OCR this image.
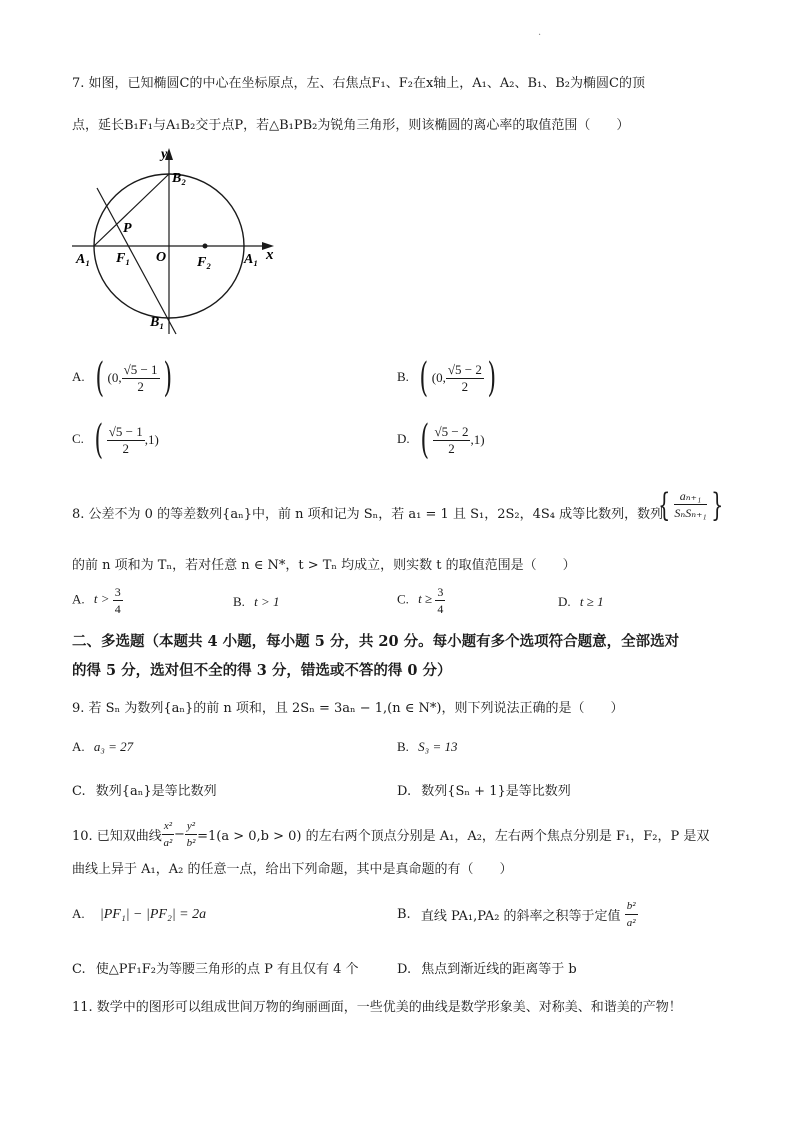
·
7. 如图，已知椭圆C的中心在坐标原点，左、右焦点F₁、F₂在x轴上，A₁、A₂、B₁、B₂为椭圆C的顶
点，延长B₁F₁与A₁B₂交于点P，若△B₁PB₂为锐角三角形，则该椭圆的离心率的取值范围（　　）
y
B₂
P
A₁ F₁ O F₂ A₁ x
B₁
A. ( (0, $\frac{√5 - 1}{2}$ )	B. ( (0, $\frac{√5 - 2}{2}$ )
C. ( $\frac{√5 - 1}{2} ,1$)	D. ( $\frac{√5 - 2}{2} ,1$)
8. 公差不为 0 的等差数列{aₙ}中，前 n 项和记为 Sₙ，若 a₁ = 1 且 S₁，2S₂，4S₄ 成等比数列，数列
{ $\frac{\text{aₙ₊₁}}{\text{SₙSₙ₊₁}}$ }
的前 n 项和为 Tₙ，若对任意 n ∈ N*，t > Tₙ 均成立，则实数 t 的取值范围是（　　）
A. $t > \frac{3}{4}$	B. t > 1	C. $t \ge \frac{3}{4}$	D. t ≥ 1
二、多选题（本题共 4 小题，每小题 5 分，共 20 分。每小题有多个选项符合题意，全部选对
的得 5 分，选对但不全的得 3 分，错选或不答的得 0 分）
9. 若 Sₙ 为数列{aₙ}的前 n 项和，且 2Sₙ = 3aₙ − 1,(n ∈ N*)，则下列说法正确的是（　　）
A. a₃ = 27	B. S₃ = 13
C. 数列{aₙ}是等比数列	D. 数列{Sₙ + 1}是等比数列
10. 已知双曲线 $\frac{\text{x²}}{\text{a²}} - \frac{\text{y²}}{\text{b²}} =1(a > 0,b > 0)$ 的左右两个顶点分别是 A₁，A₂，左右两个焦点分别是 F₁，F₂，P 是双
曲线上异于 A₁，A₂ 的任意一点，给出下列命题，其中是真命题的有（　　）
A. |PF₁| − |PF₂| = 2a	B. 直线 PA₁,PA₂ 的斜率之积等于定值 $\frac{\text{b²}}{\text{a²}}$
C. 使△PF₁F₂为等腰三角形的点 P 有且仅有 4 个	D. 焦点到渐近线的距离等于 b
11. 数学中的图形可以组成世间万物的绚丽画面，一些优美的曲线是数学形象美、对称美、和谐美的产物！
